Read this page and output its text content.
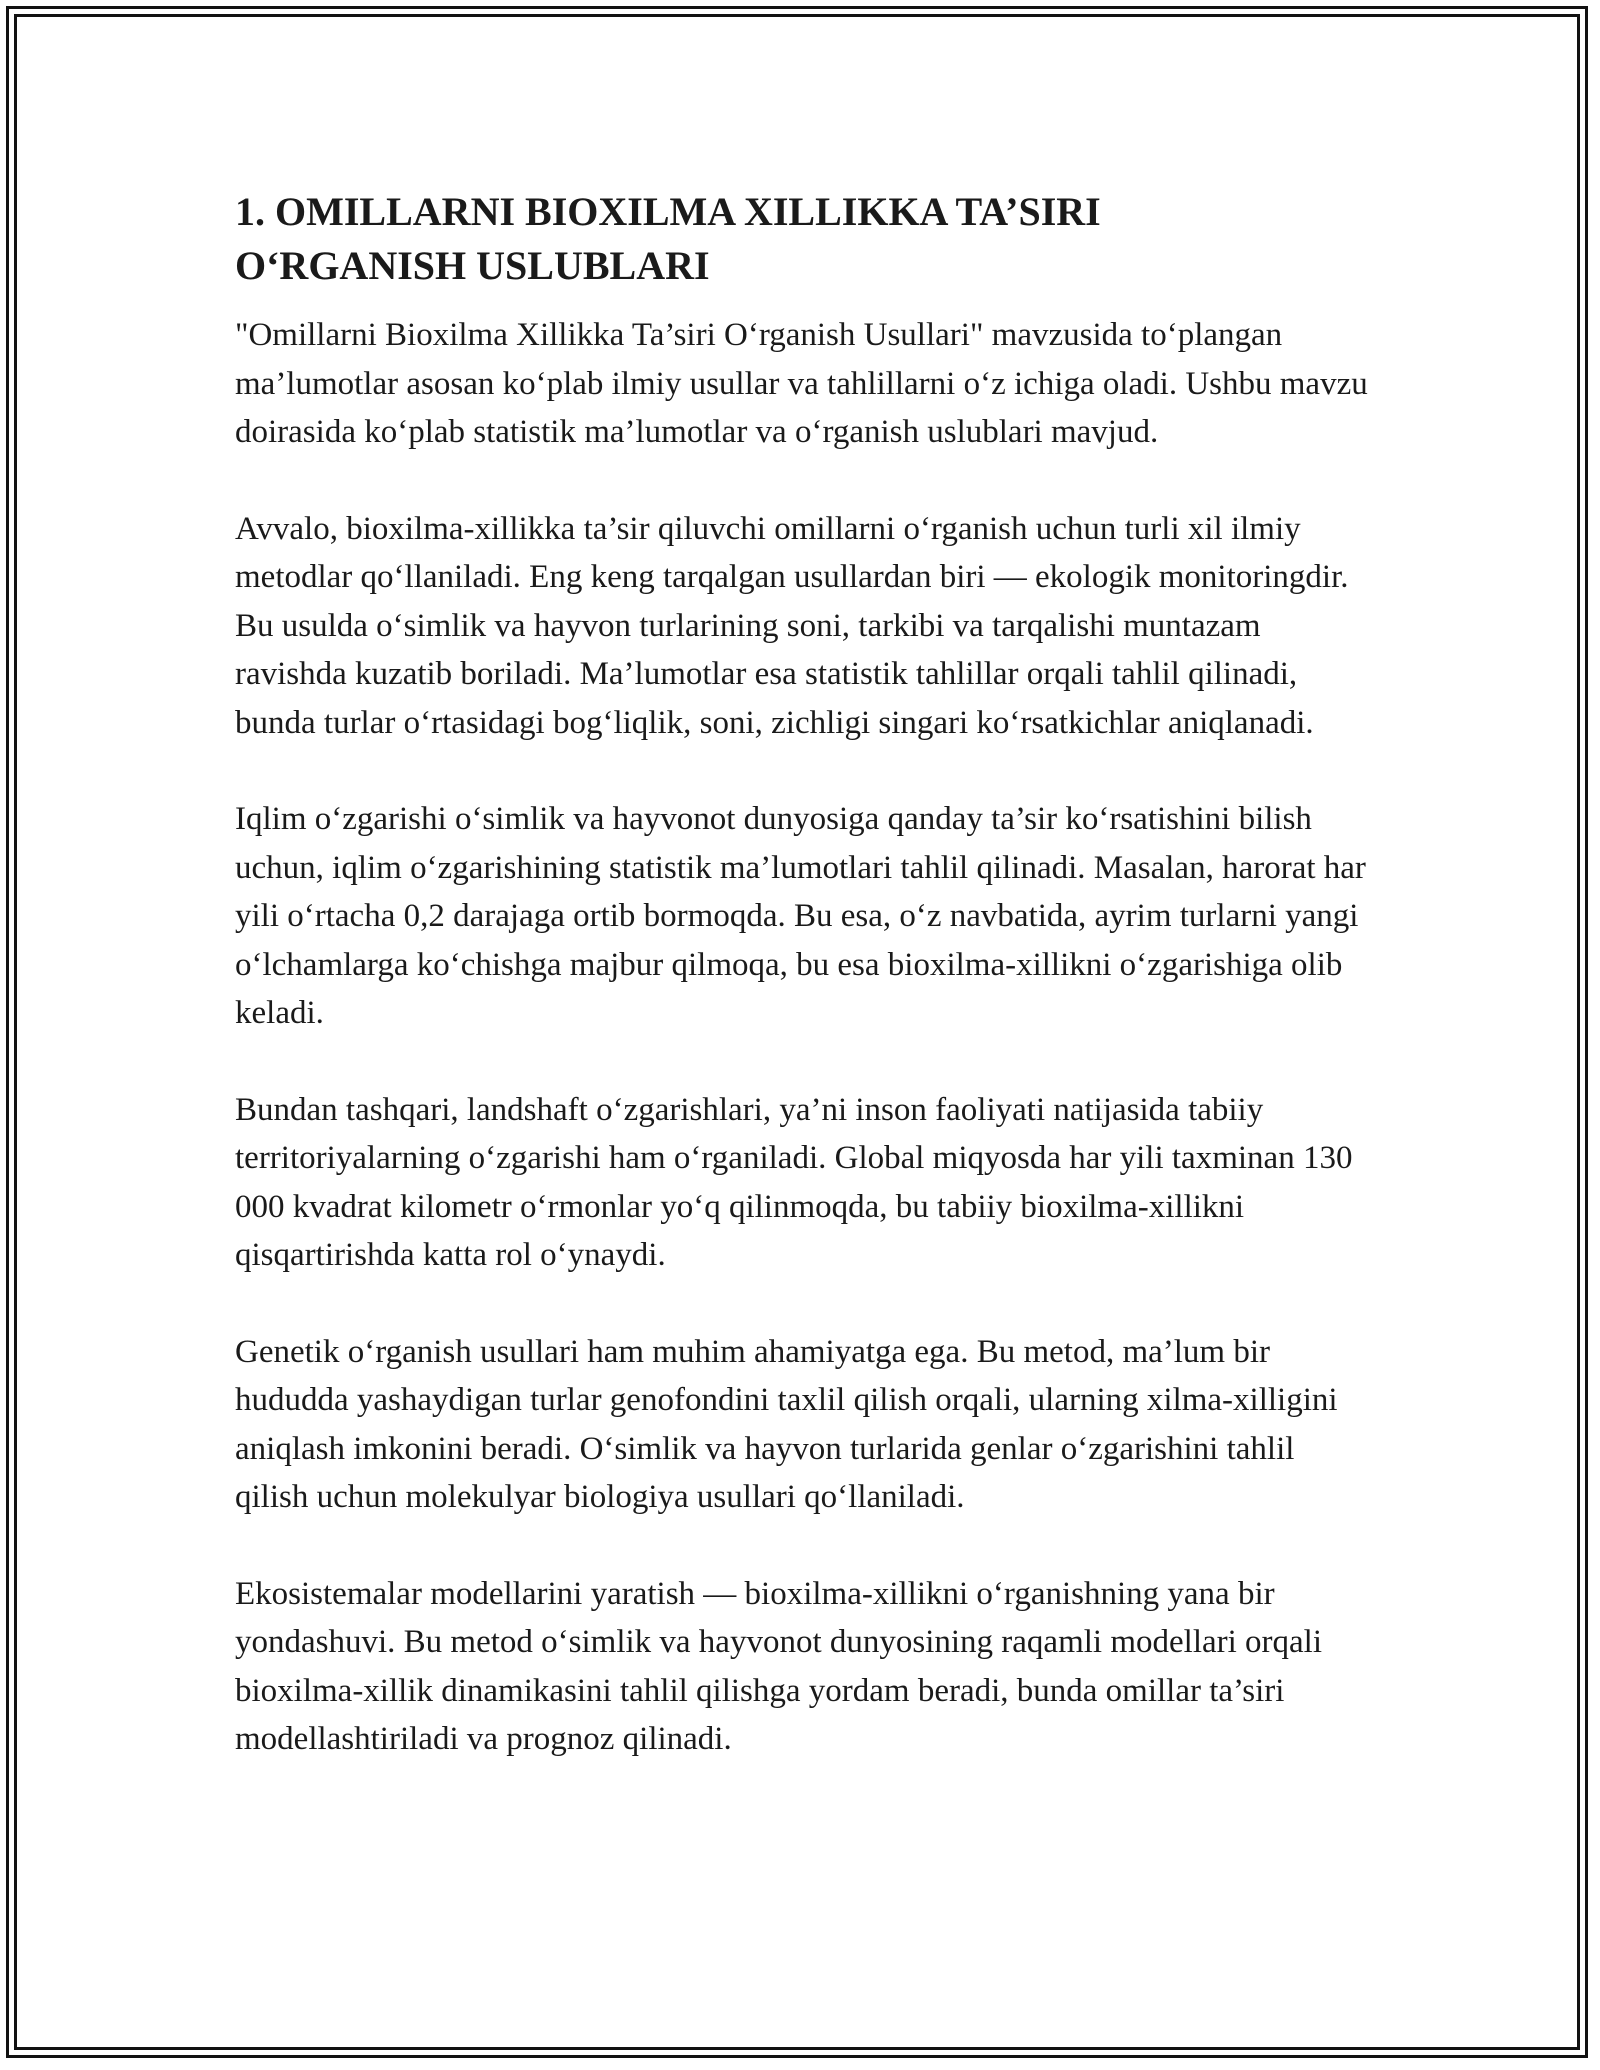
1. OMILLARNI BIOXILMA XILLIKKA TA’SIRI
O‘RGANISH USLUBLARI

"Omillarni Bioxilma Xillikka Ta’siri O‘rganish Usullari" mavzusida to‘plangan ma’lumotlar asosan ko‘plab ilmiy usullar va tahlillarni o‘z ichiga oladi. Ushbu mavzu doirasida ko‘plab statistik ma’lumotlar va o‘rganish uslublari mavjud.

Avvalo, bioxilma-xillikka ta’sir qiluvchi omillarni o‘rganish uchun turli xil ilmiy metodlar qo‘llaniladi. Eng keng tarqalgan usullardan biri — ekologik monitoringdir. Bu usulda o‘simlik va hayvon turlarining soni, tarkibi va tarqalishi muntazam ravishda kuzatib boriladi. Ma’lumotlar esa statistik tahlillar orqali tahlil qilinadi, bunda turlar o‘rtasidagi bog‘liqlik, soni, zichligi singari ko‘rsatkichlar aniqlanadi.

Iqlim o‘zgarishi o‘simlik va hayvonot dunyosiga qanday ta’sir ko‘rsatishini bilish uchun, iqlim o‘zgarishining statistik ma’lumotlari tahlil qilinadi. Masalan, harorat har yili o‘rtacha 0,2 darajaga ortib bormoqda. Bu esa, o‘z navbatida, ayrim turlarni yangi o‘lchamlarga ko‘chishga majbur qilmoqa, bu esa bioxilma-xillikni o‘zgarishiga olib keladi.

Bundan tashqari, landshaft o‘zgarishlari, ya’ni inson faoliyati natijasida tabiiy territoriyalarning o‘zgarishi ham o‘rganiladi. Global miqyosda har yili taxminan 130 000 kvadrat kilometr o‘rmonlar yo‘q qilinmoqda, bu tabiiy bioxilma-xillikni qisqartirishda katta rol o‘ynaydi.

Genetik o‘rganish usullari ham muhim ahamiyatga ega. Bu metod, ma’lum bir hududda yashaydigan turlar genofondini taxlil qilish orqali, ularning xilma-xilligini aniqlash imkonini beradi. O‘simlik va hayvon turlarida genlar o‘zgarishini tahlil qilish uchun molekulyar biologiya usullari qo‘llaniladi.

Ekosistemalar modellarini yaratish — bioxilma-xillikni o‘rganishning yana bir yondashuvi. Bu metod o‘simlik va hayvonot dunyosining raqamli modellari orqali bioxilma-xillik dinamikasini tahlil qilishga yordam beradi, bunda omillar ta’siri modellashtiriladi va prognoz qilinadi.
